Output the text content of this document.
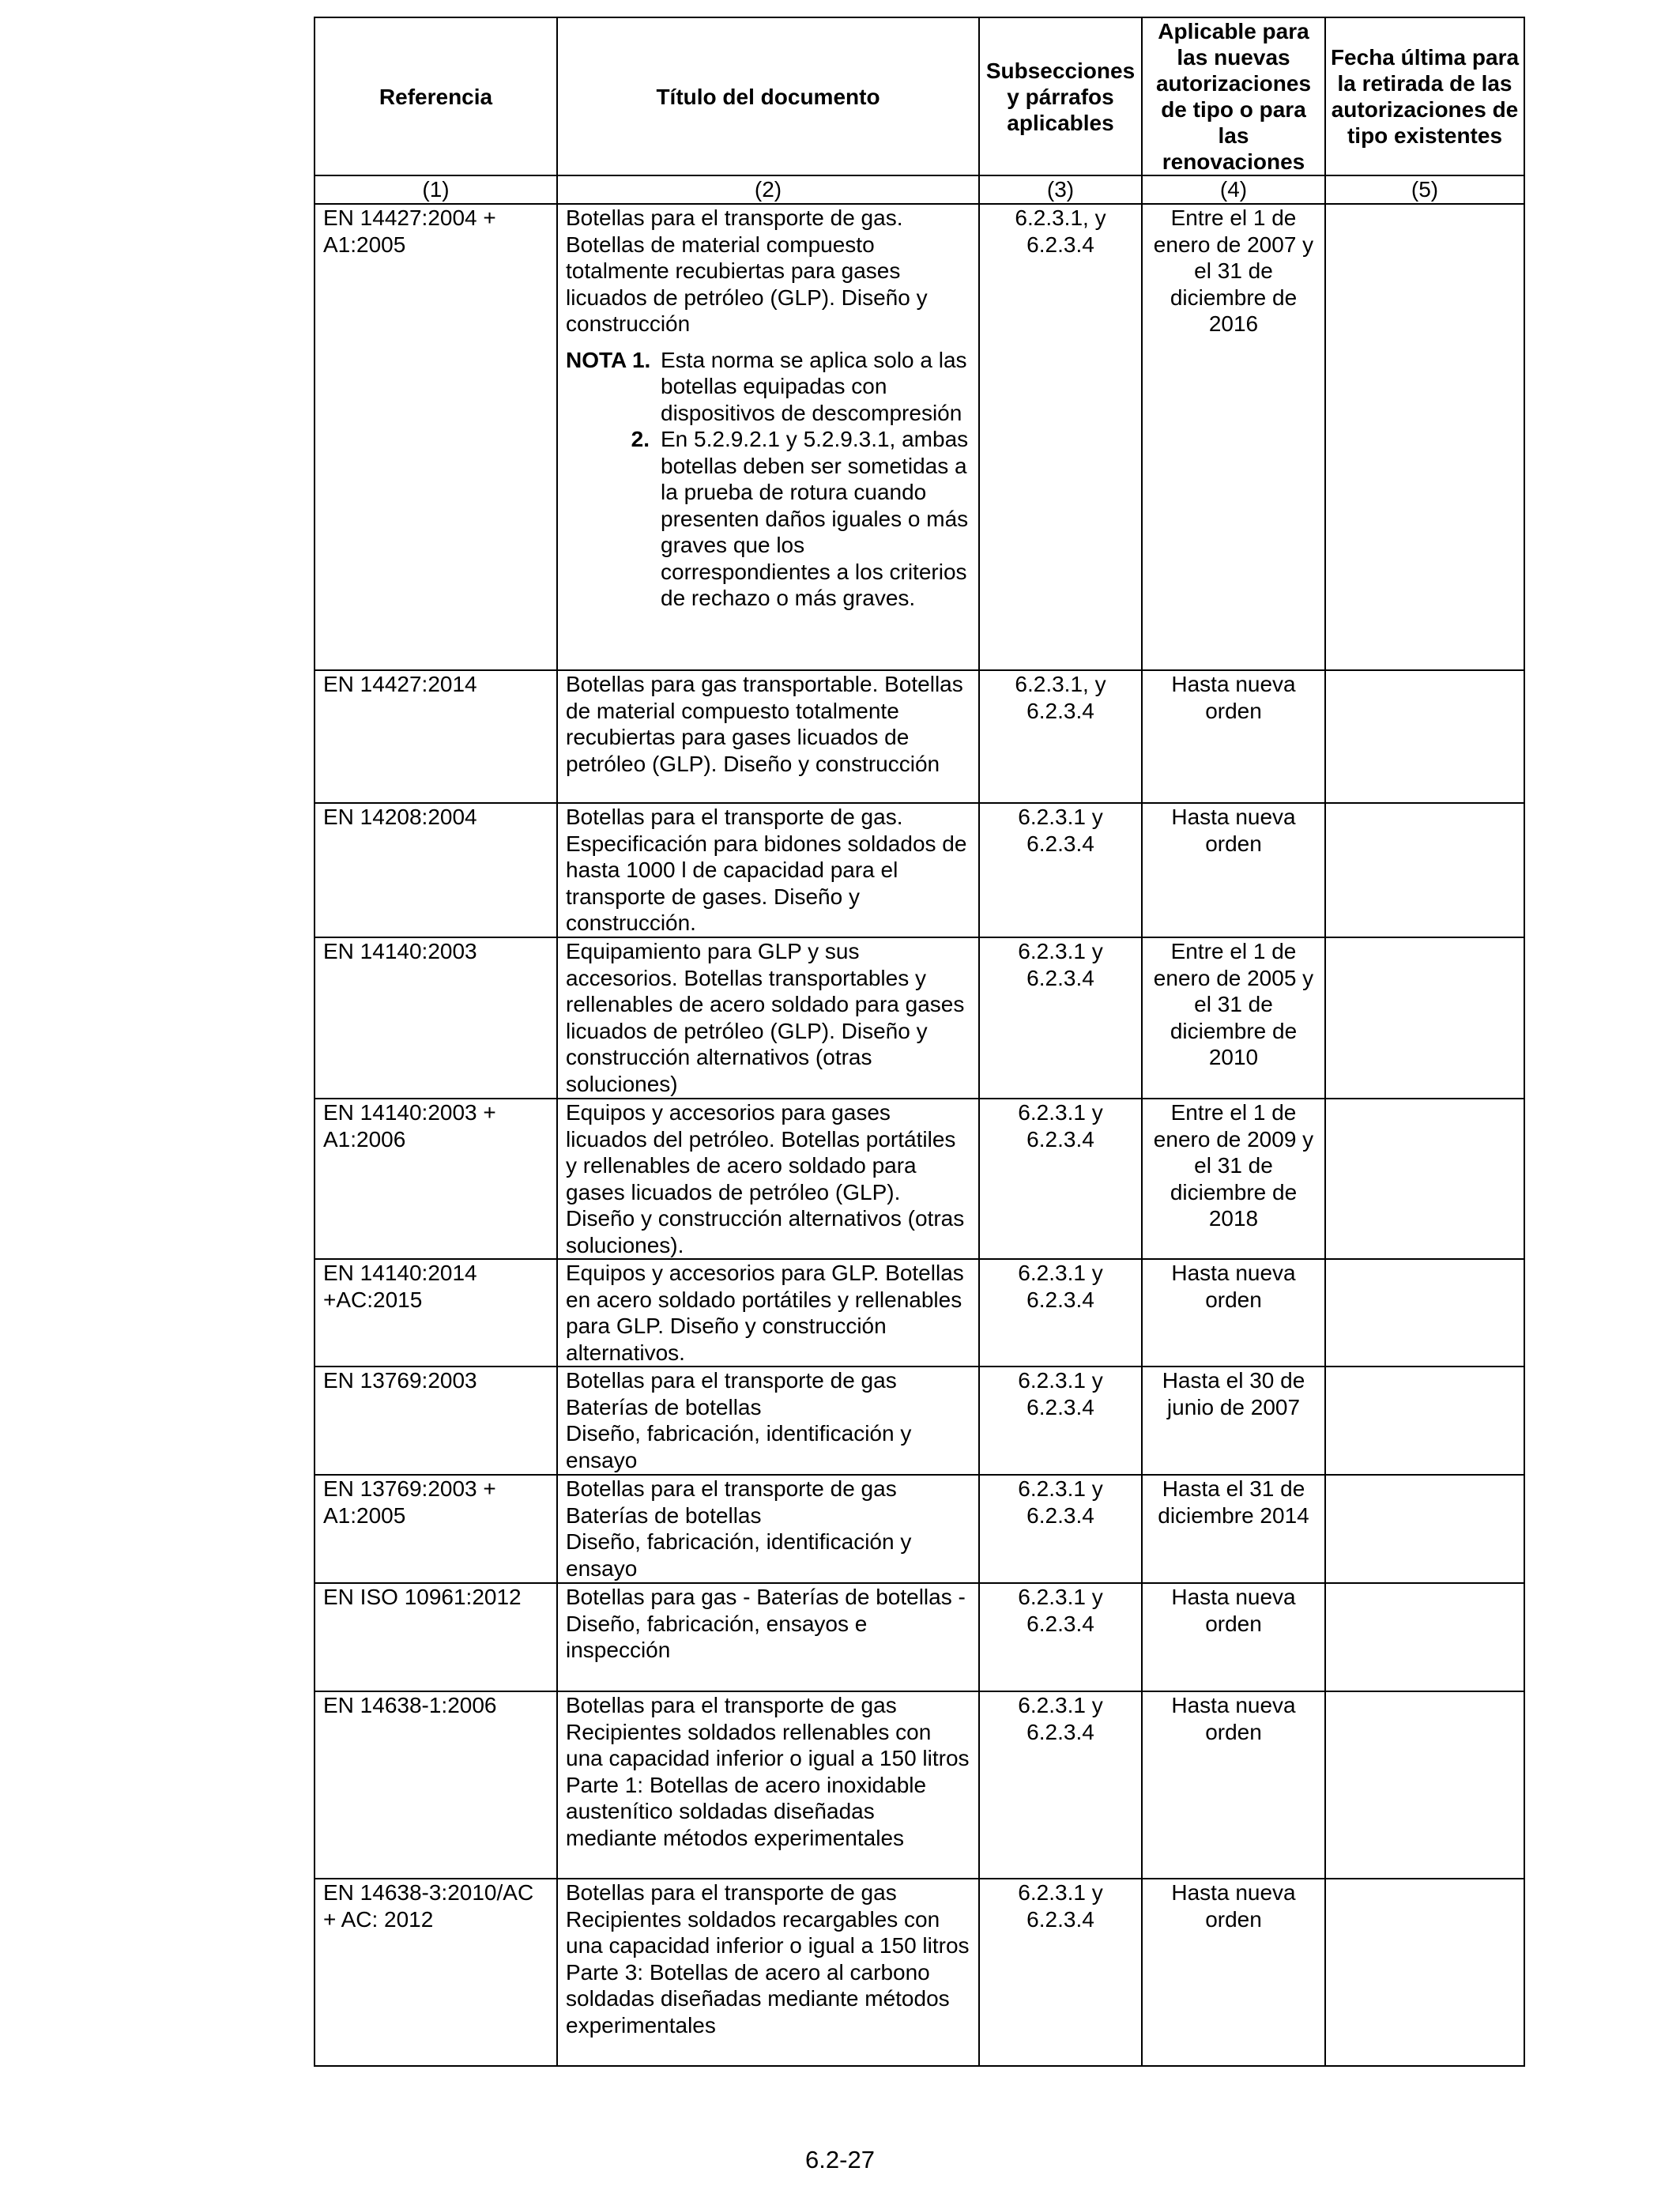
Referencia	Título del documento	Subsecciones y párrafos aplicables	Aplicable para las nuevas autorizaciones de tipo o para las renovaciones	Fecha última para la retirada de las autorizaciones de tipo existentes
(1)	(2)	(3)	(4)	(5)
EN 14427:2004 + A1:2005	Botellas para el transporte de gas. Botellas de material compuesto totalmente recubiertas para gases licuados de petróleo (GLP). Diseño y construcción
NOTA 1. Esta norma se aplica solo a las botellas equipadas con dispositivos de descompresión
2. En 5.2.9.2.1 y 5.2.9.3.1, ambas botellas deben ser sometidas a la prueba de rotura cuando presenten daños iguales o más graves que los correspondientes a los criterios de rechazo o más graves.	6.2.3.1, y 6.2.3.4	Entre el 1 de enero de 2007 y el 31 de diciembre de 2016	
EN 14427:2014	Botellas para gas transportable. Botellas de material compuesto totalmente recubiertas para gases licuados de petróleo (GLP). Diseño y construcción	6.2.3.1, y 6.2.3.4	Hasta nueva orden	
EN 14208:2004	Botellas para el transporte de gas. Especificación para bidones soldados de hasta 1000 l de capacidad para el transporte de gases. Diseño y construcción.	6.2.3.1 y 6.2.3.4	Hasta nueva orden	
EN 14140:2003	Equipamiento para GLP y sus accesorios. Botellas transportables y rellenables de acero soldado para gases licuados de petróleo (GLP). Diseño y construcción alternativos (otras soluciones)	6.2.3.1 y 6.2.3.4	Entre el 1 de enero de 2005 y el 31 de diciembre de 2010	
EN 14140:2003 + A1:2006	Equipos y accesorios para gases licuados del petróleo. Botellas portátiles y rellenables de acero soldado para gases licuados de petróleo (GLP). Diseño y construcción alternativos (otras soluciones).	6.2.3.1 y 6.2.3.4	Entre el 1 de enero de 2009 y el 31 de diciembre de 2018	
EN 14140:2014 +AC:2015	Equipos y accesorios para GLP. Botellas en acero soldado portátiles y rellenables para GLP. Diseño y construcción alternativos.	6.2.3.1 y 6.2.3.4	Hasta nueva orden	
EN 13769:2003	Botellas para el transporte de gas
Baterías de botellas
Diseño, fabricación, identificación y ensayo	6.2.3.1 y 6.2.3.4	Hasta el 30 de junio de 2007	
EN 13769:2003 + A1:2005	Botellas para el transporte de gas
Baterías de botellas
Diseño, fabricación, identificación y ensayo	6.2.3.1 y 6.2.3.4	Hasta el 31 de diciembre 2014	
EN ISO 10961:2012	Botellas para gas - Baterías de botellas -
Diseño, fabricación, ensayos e inspección	6.2.3.1 y 6.2.3.4	Hasta nueva orden	
EN 14638-1:2006	Botellas para el transporte de gas
Recipientes soldados rellenables con una capacidad inferior o igual a 150 litros
Parte 1: Botellas de acero inoxidable austenítico soldadas diseñadas mediante métodos experimentales	6.2.3.1 y 6.2.3.4	Hasta nueva orden	
EN 14638-3:2010/AC + AC: 2012	Botellas para el transporte de gas
Recipientes soldados recargables con una capacidad inferior o igual a 150 litros
Parte 3: Botellas de acero al carbono soldadas diseñadas mediante métodos experimentales	6.2.3.1 y 6.2.3.4	Hasta nueva orden	
6.2-27
